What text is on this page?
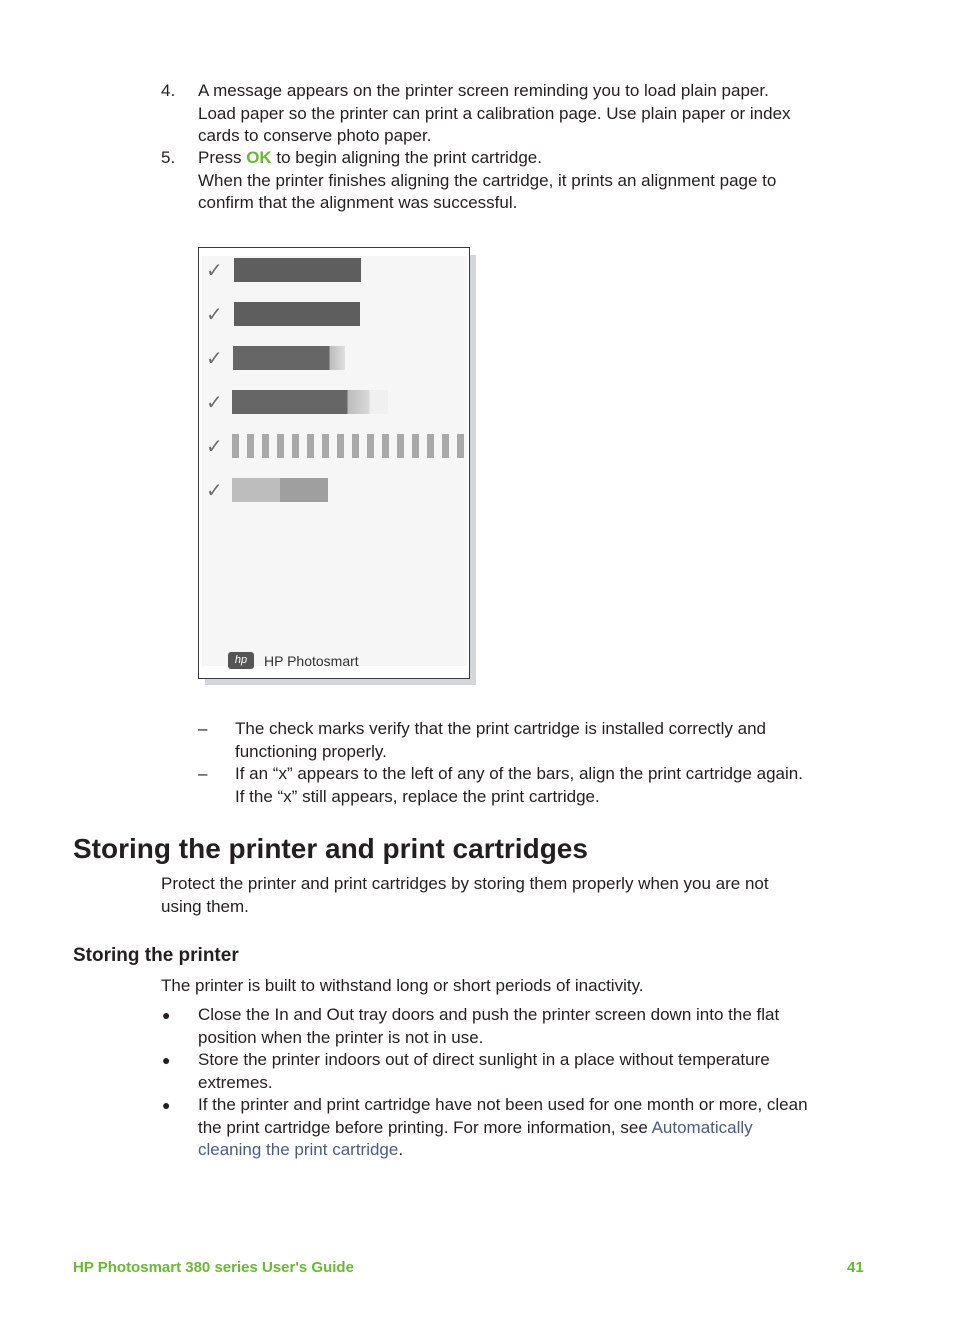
4.	A message appears on the printer screen reminding you to load plain paper.
Load paper so the printer can print a calibration page. Use plain paper or index
cards to conserve photo paper.
5.	Press OK to begin aligning the print cartridge.
When the printer finishes aligning the cartridge, it prints an alignment page to
confirm that the alignment was successful.
✓
✓
✓
✓
✓
✓
hp	HP Photosmart
– The check marks verify that the print cartridge is installed correctly and
functioning properly.
– If an “x” appears to the left of any of the bars, align the print cartridge again.
If the “x” still appears, replace the print cartridge.
Storing the printer and print cartridges
Protect the printer and print cartridges by storing them properly when you are not
using them.
Storing the printer
The printer is built to withstand long or short periods of inactivity.
● Close the In and Out tray doors and push the printer screen down into the flat
position when the printer is not in use.
● Store the printer indoors out of direct sunlight in a place without temperature
extremes.
● If the printer and print cartridge have not been used for one month or more, clean
the print cartridge before printing. For more information, see Automatically
cleaning the print cartridge.
HP Photosmart 380 series User's Guide	41
